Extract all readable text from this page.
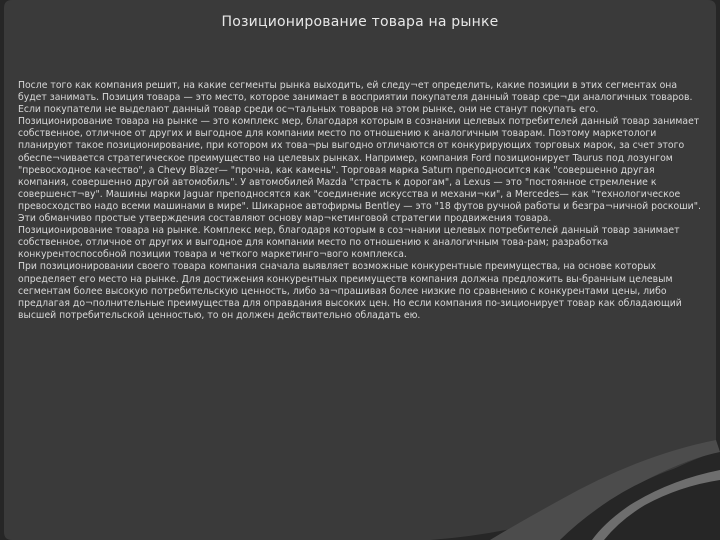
Позиционирование товара на рынке

После того как компания решит, на какие сегменты рынка выходить, ей следу¬ет определить, какие позиции в этих сегментах она будет занимать. Позиция товара — это место, которое занимает в восприятии покупателя данный товар сре¬ди аналогичных товаров. Если покупатели не выделают данный товар среди ос¬тальных товаров на этом рынке, они не станут покупать его.

Позиционирование товара на рынке — это комплекс мер, благодаря которым в сознании целевых потребителей данный товар занимает собственное, отличное от других и выгодное для компании место по отношению к аналогичным товарам. Поэтому маркетологи планируют такое позиционирование, при котором их това¬ры выгодно отличаются от конкурирующих торговых марок, за счет этого обеспе¬чивается стратегическое преимущество на целевых рынках. Например, компания Ford позиционирует Taurus под лозунгом "превосходное качество", а Chevy Blazer— "прочна, как камень". Торговая марка Saturn преподносится как "совершенно другая компания, совершенно другой автомобиль". У автомобилей Mazda "страсть к дорогам", a Lexus — это "постоянное стремление к совершенст¬ву". Машины марки Jaguar преподносятся как "соединение искусства и механи¬ки", а Mercedes— как "технологическое превосходство надо всеми машинами в мире". Шикарное автофирмы Bentley — это "18 футов ручной работы и безгра¬ничной роскоши". Эти обманчиво простые утверждения составляют основу мар¬кетинговой стратегии продвижения товара.

Позиционирование товара на рынке. Комплекс мер, благодаря которым в соз¬нании целевых потребителей данный товар занимает собственное, отличное от других и выгодное для компании место по отношению к аналогичным това-рам; разработка конкурентоспособной позиции товара и четкого маркетинго¬вого комплекса.

При позиционировании своего товара компания сначала выявляет возможные конкурентные преимущества, на основе которых определяет его место на рынке. Для достижения конкурентных преимуществ компания должна предложить вы-бранным целевым сегментам более высокую потребительскую ценность, либо за¬прашивая более низкие по сравнению с конкурентами цены, либо предлагая до¬полнительные преимущества для оправдания высоких цен. Но если компания по-зиционирует товар как обладающий высшей потребительской ценностью, то он должен действительно обладать ею.
